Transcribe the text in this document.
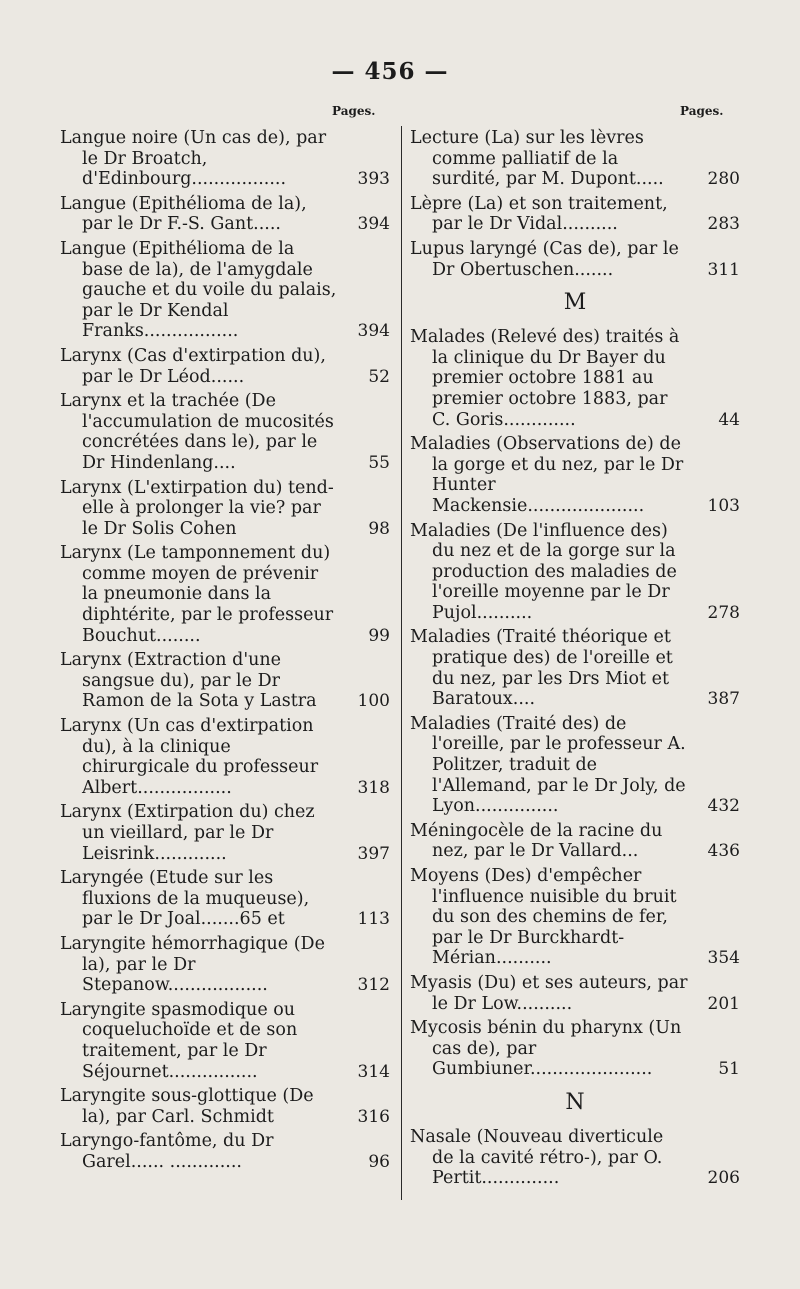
— 456 —
Pages.	Pages.
Langue noire (Un cas de), par le Dr Broatch, d'Edinbourg.................	393
Langue (Epithélioma de la), par le Dr F.-S. Gant.....	394
Langue (Epithélioma de la base de la), de l'amygdale gauche et du voile du palais, par le Dr Kendal Franks.................	394
Larynx (Cas d'extirpation du), par le Dr Léod......	52
Larynx et la trachée (De l'accumulation de mucosités concrétées dans le), par le Dr Hindenlang....	55
Larynx (L'extirpation du) tend-elle à prolonger la vie? par le Dr Solis Cohen	98
Larynx (Le tamponnement du) comme moyen de prévenir la pneumonie dans la diphtérite, par le professeur Bouchut........	99
Larynx (Extraction d'une sangsue du), par le Dr Ramon de la Sota y Lastra 100
Larynx (Un cas d'extirpation du), à la clinique chirurgicale du professeur Albert.................	318
Larynx (Extirpation du) chez un vieillard, par le Dr Leisrink.............	397
Laryngée (Etude sur les fluxions de la muqueuse), par le Dr Joal.......65 et	113
Laryngite hémorrhagique (De la), par le Dr Stepanow..................	312
Laryngite spasmodique ou coqueluchoïde et de son traitement, par le Dr Séjournet................	314
Laryngite sous-glottique (De la), par Carl. Schmidt	316
Laryngo-fantôme, du Dr Garel...... .............	96
Lecture (La) sur les lèvres comme palliatif de la surdité, par M. Dupont.....	280
Lèpre (La) et son traitement, par le Dr Vidal..........	283
Lupus laryngé (Cas de), par le Dr Obertuschen.......	311
M
Malades (Relevé des) traités à la clinique du Dr Bayer du premier octobre 1881 au premier octobre 1883, par C. Goris.............	44
Maladies (Observations de) de la gorge et du nez, par le Dr Hunter Mackensie.....................	103
Maladies (De l'influence des) du nez et de la gorge sur la production des maladies de l'oreille moyenne par le Dr Pujol..........	278
Maladies (Traité théorique et pratique des) de l'oreille et du nez, par les Drs Miot et Baratoux....	387
Maladies (Traité des) de l'oreille, par le professeur A. Politzer, traduit de l'Allemand, par le Dr Joly, de Lyon...............	432
Méningocèle de la racine du nez, par le Dr Vallard...	436
Moyens (Des) d'empêcher l'influence nuisible du bruit du son des chemins de fer, par le Dr Burckhardt-Mérian..........	354
Myasis (Du) et ses auteurs, par le Dr Low..........	201
Mycosis bénin du pharynx (Un cas de), par Gumbiuner......................	51
N
Nasale (Nouveau diverticule de la cavité rétro-), par O. Pertit..............	206
